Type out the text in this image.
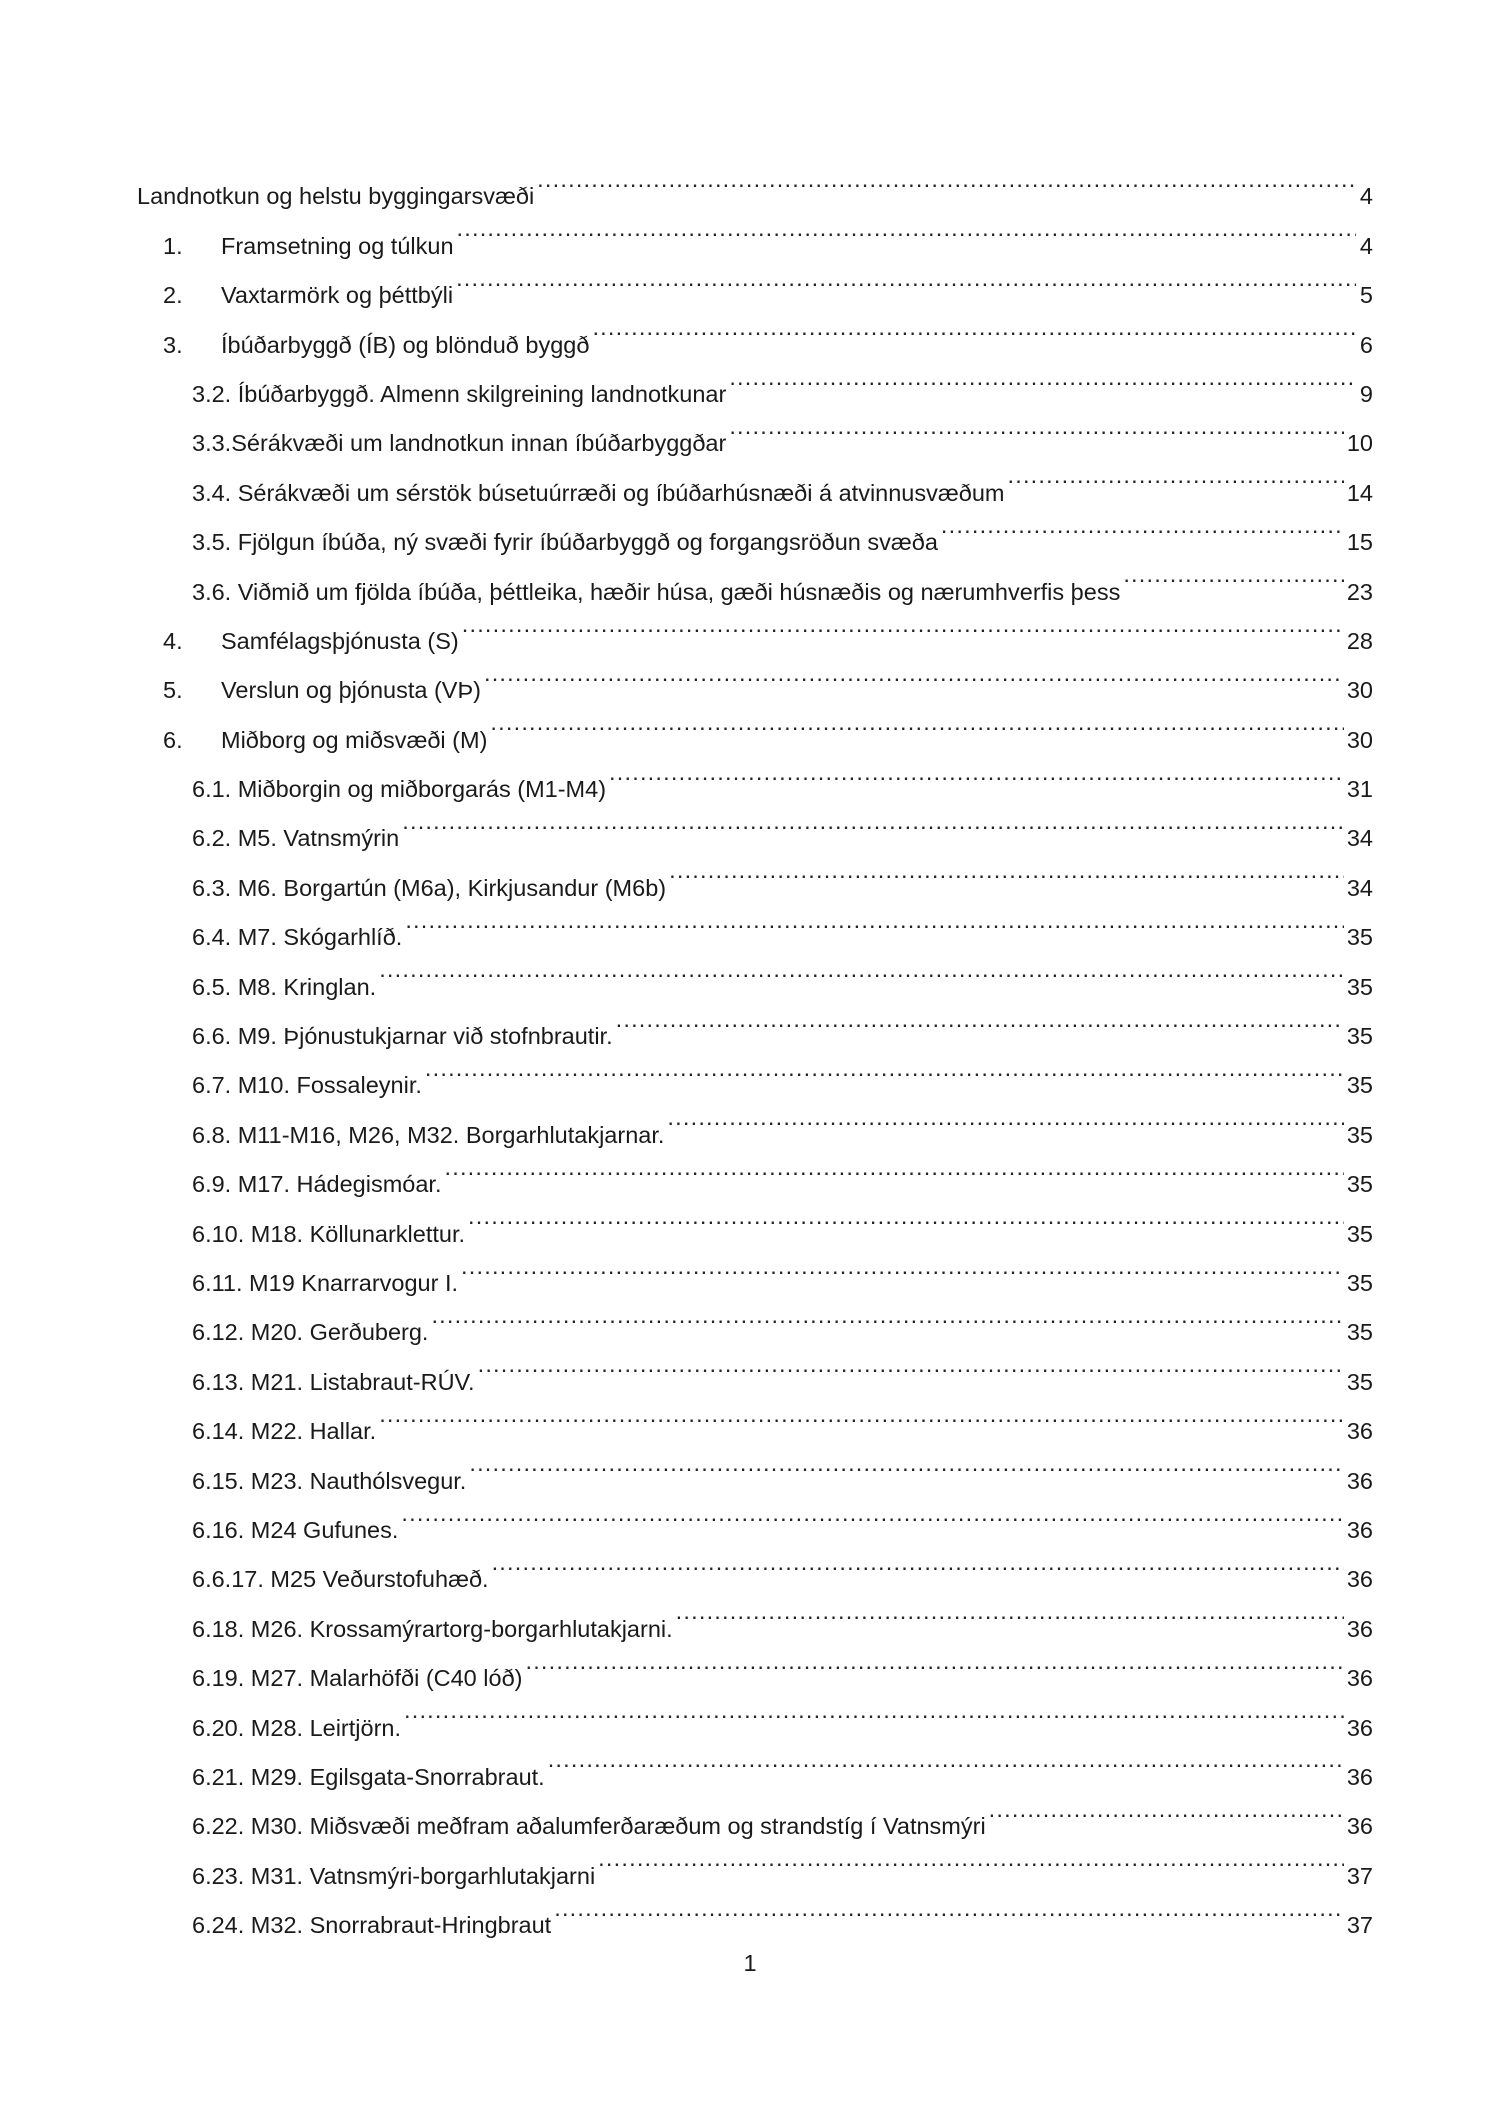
Landnotkun og helstu byggingarsvæði .....	4
1.	Framsetning og túlkun .....	4
2.	Vaxtarmörk og þéttbýli .....	5
3.	Íbúðarbyggð (ÍB) og blönduð byggð .....	6
3.2. Íbúðarbyggð. Almenn skilgreining landnotkunar .....	9
3.3.Sérákvæði um landnotkun innan íbúðarbyggðar .....	10
3.4. Sérákvæði um sérstök búsetuúrræði og íbúðarhúsnæði á atvinnusvæðum .....	14
3.5. Fjölgun íbúða, ný svæði fyrir íbúðarbyggð og forgangsröðun svæða .....	15
3.6. Viðmið um fjölda íbúða, þéttleika, hæðir húsa, gæði húsnæðis og nærumhverfis þess .....	23
4.	Samfélagsþjónusta (S) .....	28
5.	Verslun og þjónusta (VÞ) .....	30
6.	Miðborg og miðsvæði (M) .....	30
6.1. Miðborgin og miðborgarás (M1-M4) .....	31
6.2. M5. Vatnsmýrin .....	34
6.3. M6. Borgartún (M6a), Kirkjusandur (M6b) .....	34
6.4. M7. Skógarhlíð. .....	35
6.5. M8. Kringlan. .....	35
6.6. M9. Þjónustukjarnar við stofnbrautir. .....	35
6.7. M10. Fossaleynir. .....	35
6.8. M11-M16, M26, M32. Borgarhlutakjarnar. .....	35
6.9. M17. Hádegismóar. .....	35
6.10. M18. Köllunarklettur. .....	35
6.11. M19 Knarrarvogur I. .....	35
6.12. M20. Gerðuberg. .....	35
6.13. M21. Listabraut-RÚV. .....	35
6.14. M22. Hallar. .....	36
6.15. M23. Nauthólsvegur. .....	36
6.16. M24 Gufunes. .....	36
6.6.17. M25 Veðurstofuhæð. .....	36
6.18. M26. Krossamýrartorg-borgarhlutakjarni. .....	36
6.19. M27. Malarhöfði (C40 lóð) .....	36
6.20. M28. Leirtjörn. .....	36
6.21. M29. Egilsgata-Snorrabraut. .....	36
6.22. M30. Miðsvæði meðfram aðalumferðaræðum og strandstíg í Vatnsmýri .....	36
6.23. M31. Vatnsmýri-borgarhlutakjarni .....	37
6.24. M32. Snorrabraut-Hringbraut .....	37
1
